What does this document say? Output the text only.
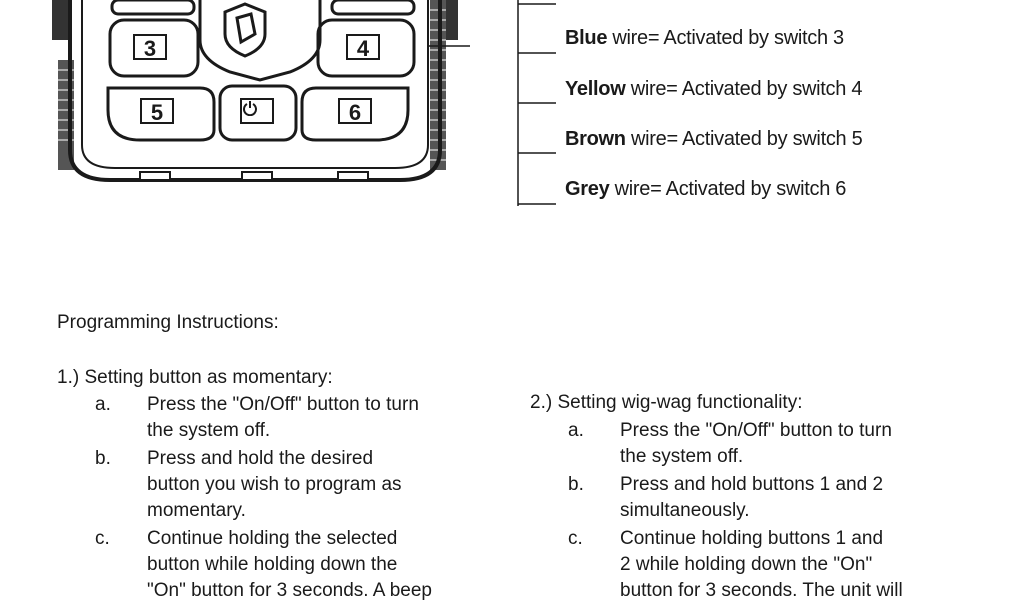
3	4
5	6
Blue wire= Activated by switch 3
Yellow wire= Activated by switch 4
Brown wire= Activated by switch 5
Grey wire= Activated by switch 6
Programming Instructions:
1.) Setting button as momentary:
a.	Press the "On/Off" button to turn
the system off.
b.	Press and hold the desired
button you wish to program as
momentary.
c.	Continue holding the selected
button while holding down the
"On" button for 3 seconds. A beep
2.) Setting wig-wag functionality:
a.	Press the "On/Off" button to turn
the system off.
b.	Press and hold buttons 1 and 2
simultaneously.
c.	Continue holding buttons 1 and
2 while holding down the "On"
button for 3 seconds. The unit will
